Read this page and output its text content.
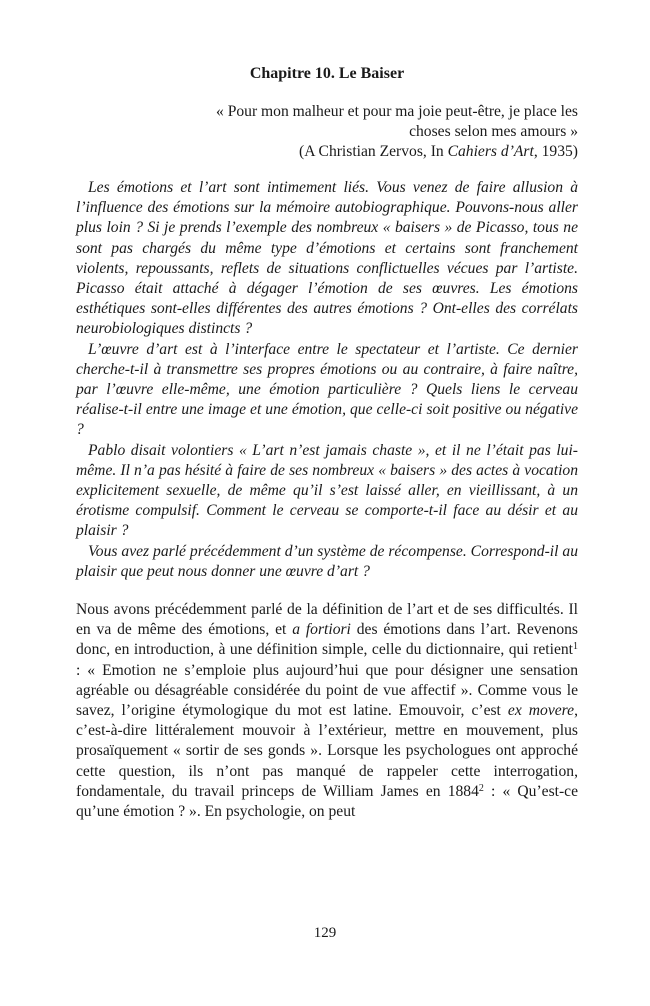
Chapitre 10. Le Baiser
« Pour mon malheur et pour ma joie peut-être, je place les
choses selon mes amours »
(A Christian Zervos, In Cahiers d’Art, 1935)

Les émotions et l’art sont intimement liés. Vous venez de faire allusion à l’influence des émotions sur la mémoire autobiographique. Pouvons-nous aller plus loin ? Si je prends l’exemple des nombreux « baisers » de Picasso, tous ne sont pas chargés du même type d’émotions et certains sont franchement violents, repoussants, reflets de situations conflictuelles vécues par l’artiste. Picasso était attaché à dégager l’émotion de ses œuvres. Les émotions esthétiques sont-elles différentes des autres émotions ? Ont-elles des corrélats neurobiologiques distincts ?

L’œuvre d’art est à l’interface entre le spectateur et l’artiste. Ce dernier cherche-t-il à transmettre ses propres émotions ou au contraire, à faire naître, par l’œuvre elle-même, une émotion particulière ? Quels liens le cerveau réalise-t-il entre une image et une émotion, que celle-ci soit positive ou négative ?

Pablo disait volontiers « L’art n’est jamais chaste », et il ne l’était pas lui-même. Il n’a pas hésité à faire de ses nombreux « baisers » des actes à vocation explicitement sexuelle, de même qu’il s’est laissé aller, en vieillissant, à un érotisme compulsif. Comment le cerveau se comporte-t-il face au désir et au plaisir ?

Vous avez parlé précédemment d’un système de récompense. Correspond-il au plaisir que peut nous donner une œuvre d’art ?

Nous avons précédemment parlé de la définition de l’art et de ses difficultés. Il en va de même des émotions, et a fortiori des émotions dans l’art. Revenons donc, en introduction, à une définition simple, celle du dictionnaire, qui retient$^1$ : « Emotion ne s’emploie plus aujourd’hui que pour désigner une sensation agréable ou désagréable considérée du point de vue affectif ». Comme vous le savez, l’origine étymologique du mot est latine. Emouvoir, c’est ex movere, c’est-à-dire littéralement mouvoir à l’extérieur, mettre en mouvement, plus prosaïquement « sortir de ses gonds ». Lorsque les psychologues ont approché cette question, ils n’ont pas manqué de rappeler cette interrogation, fondamentale, du travail princeps de William James en 1884$^2$ : « Qu’est-ce qu’une émotion ? ». En psychologie, on peut

129
